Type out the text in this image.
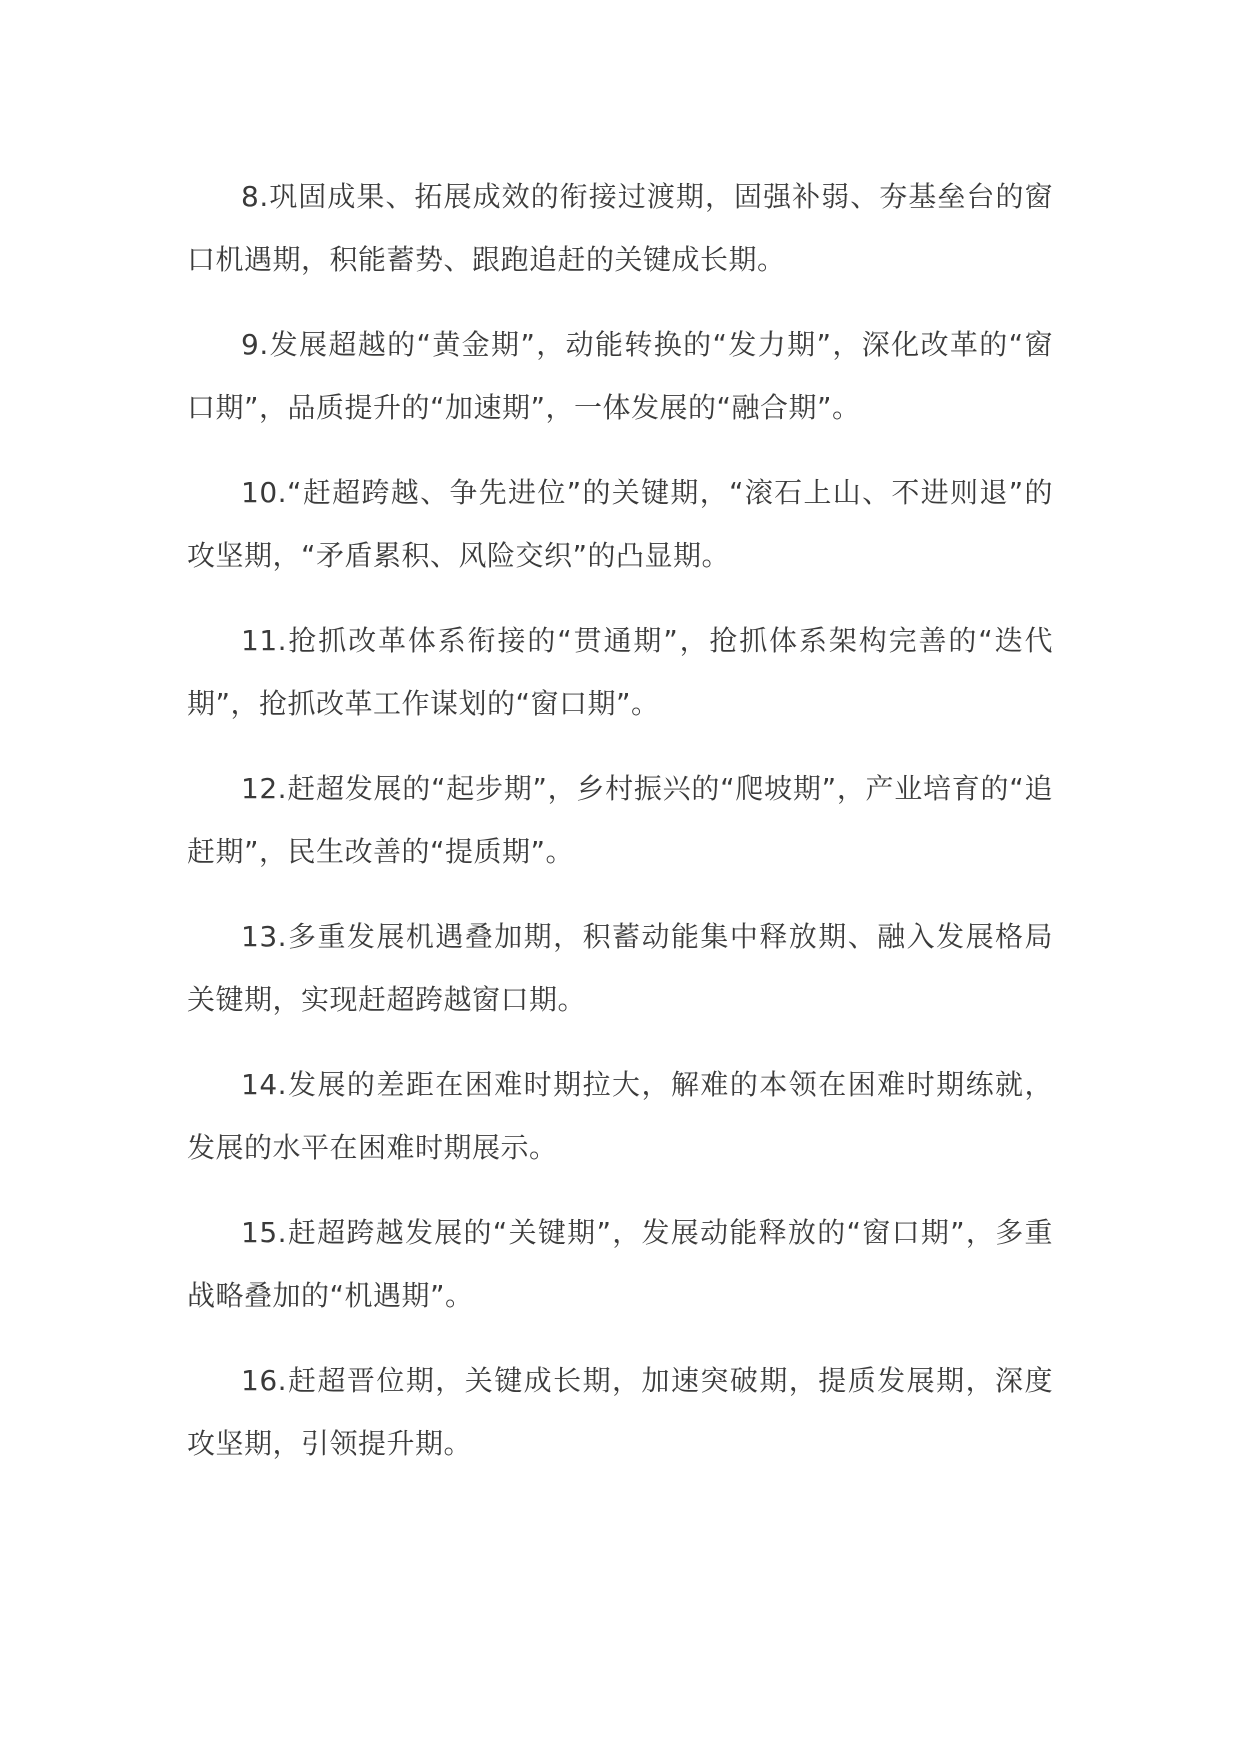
8.巩固成果、拓展成效的衔接过渡期，固强补弱、夯基垒台的窗口机遇期，积能蓄势、跟跑追赶的关键成长期。

9.发展超越的“黄金期”，动能转换的“发力期”，深化改革的“窗口期”，品质提升的“加速期”，一体发展的“融合期”。

10.“赶超跨越、争先进位”的关键期，“滚石上山、不进则退”的攻坚期，“矛盾累积、风险交织”的凸显期。

11.抢抓改革体系衔接的“贯通期”，抢抓体系架构完善的“迭代期”，抢抓改革工作谋划的“窗口期”。

12.赶超发展的“起步期”，乡村振兴的“爬坡期”，产业培育的“追赶期”，民生改善的“提质期”。

13.多重发展机遇叠加期，积蓄动能集中释放期、融入发展格局关键期，实现赶超跨越窗口期。

14.发展的差距在困难时期拉大，解难的本领在困难时期练就，发展的水平在困难时期展示。

15.赶超跨越发展的“关键期”，发展动能释放的“窗口期”，多重战略叠加的“机遇期”。

16.赶超晋位期，关键成长期，加速突破期，提质发展期，深度攻坚期，引领提升期。
